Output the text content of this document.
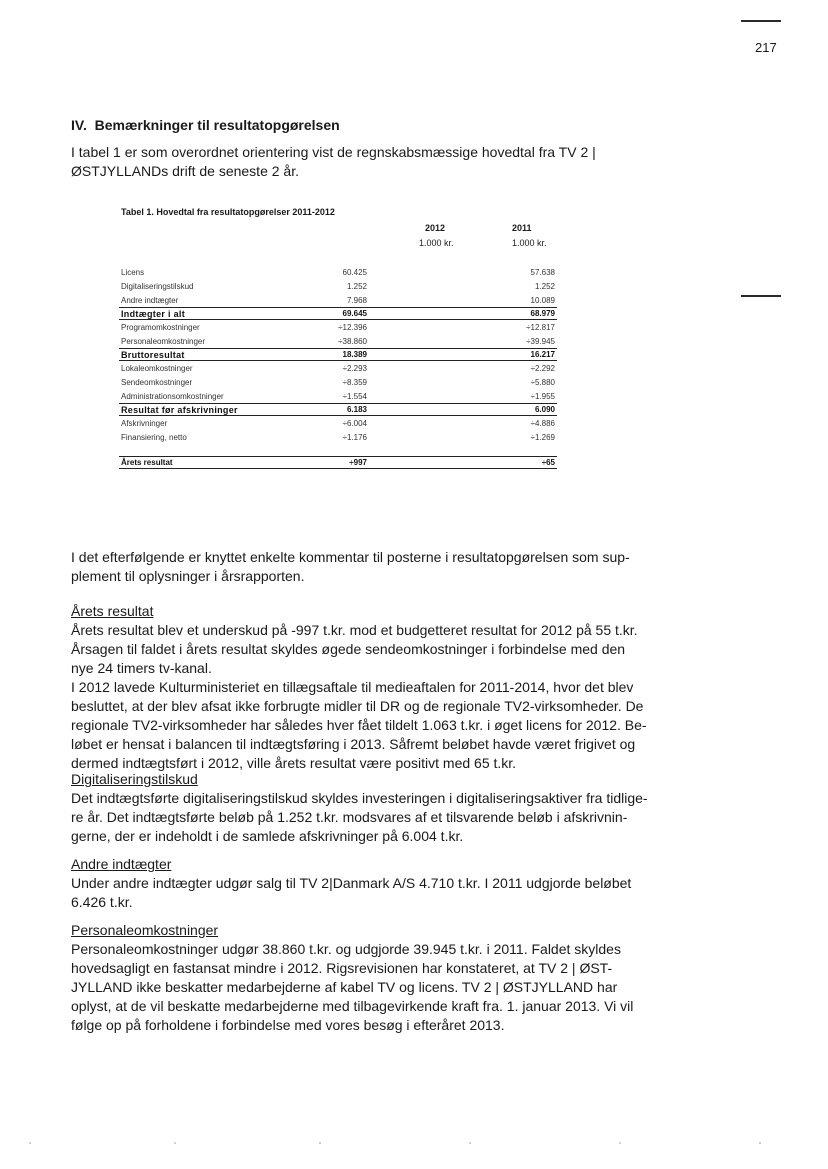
217
IV.  Bemærkninger til resultatopgørelsen

I tabel 1 er som overordnet orientering vist de regnskabsmæssige hovedtal fra TV 2 |
ØSTJYLLANDs drift de seneste 2 år.

Tabel 1. Hovedtal fra resultatopgørelser 2011-2012
2012
1.000 kr.
2011
1.000 kr.
Licens	60.425	57.638
Digitaliseringstilskud	1.252	1.252
Andre indtægter	7.968	10.089
Indtægter i alt	69.645	68.979
Programomkostninger	÷12.396	÷12.817
Personaleomkostninger	÷38.860	÷39.945
Bruttoresultat	18.389	16.217
Lokaleomkostninger	÷2.293	÷2.292
Sendeomkostninger	÷8.359	÷5.880
Administrationsomkostninger	÷1.554	÷1.955
Resultat før afskrivninger	6.183	6.090
Afskrivninger	÷6.004	÷4.886
Finansiering, netto	÷1.176	÷1.269

Årets resultat	÷997	÷65

I det efterfølgende er knyttet enkelte kommentar til posterne i resultatopgørelsen som sup-
plement til oplysninger i årsrapporten.

Årets resultat
Årets resultat blev et underskud på -997 t.kr. mod et budgetteret resultat for 2012 på 55 t.kr.
Årsagen til faldet i årets resultat skyldes øgede sendeomkostninger i forbindelse med den
nye 24 timers tv-kanal.
I 2012 lavede Kulturministeriet en tillægsaftale til medieaftalen for 2011-2014, hvor det blev
besluttet, at der blev afsat ikke forbrugte midler til DR og de regionale TV2-virksomheder. De
regionale TV2-virksomheder har således hver fået tildelt 1.063 t.kr. i øget licens for 2012. Be-
løbet er hensat i balancen til indtægtsføring i 2013. Såfremt beløbet havde været frigivet og
dermed indtægtsført i 2012, ville årets resultat være positivt med 65 t.kr.
Digitaliseringstilskud
Det indtægtsførte digitaliseringstilskud skyldes investeringen i digitaliseringsaktiver fra tidlige-
re år. Det indtægtsførte beløb på 1.252 t.kr. modsvares af et tilsvarende beløb i afskrivnin-
gerne, der er indeholdt i de samlede afskrivninger på 6.004 t.kr.
Andre indtægter
Under andre indtægter udgør salg til TV 2|Danmark A/S 4.710 t.kr. I 2011 udgjorde beløbet
6.426 t.kr.
Personaleomkostninger
Personaleomkostninger udgør 38.860 t.kr. og udgjorde 39.945 t.kr. i 2011. Faldet skyldes
hovedsagligt en fastansat mindre i 2012. Rigsrevisionen har konstateret, at TV 2 | ØST-
JYLLAND ikke beskatter medarbejderne af kabel TV og licens. TV 2 | ØSTJYLLAND har
oplyst, at de vil beskatte medarbejderne med tilbagevirkende kraft fra. 1. januar 2013. Vi vil
følge op på forholdene i forbindelse med vores besøg i efteråret 2013.
